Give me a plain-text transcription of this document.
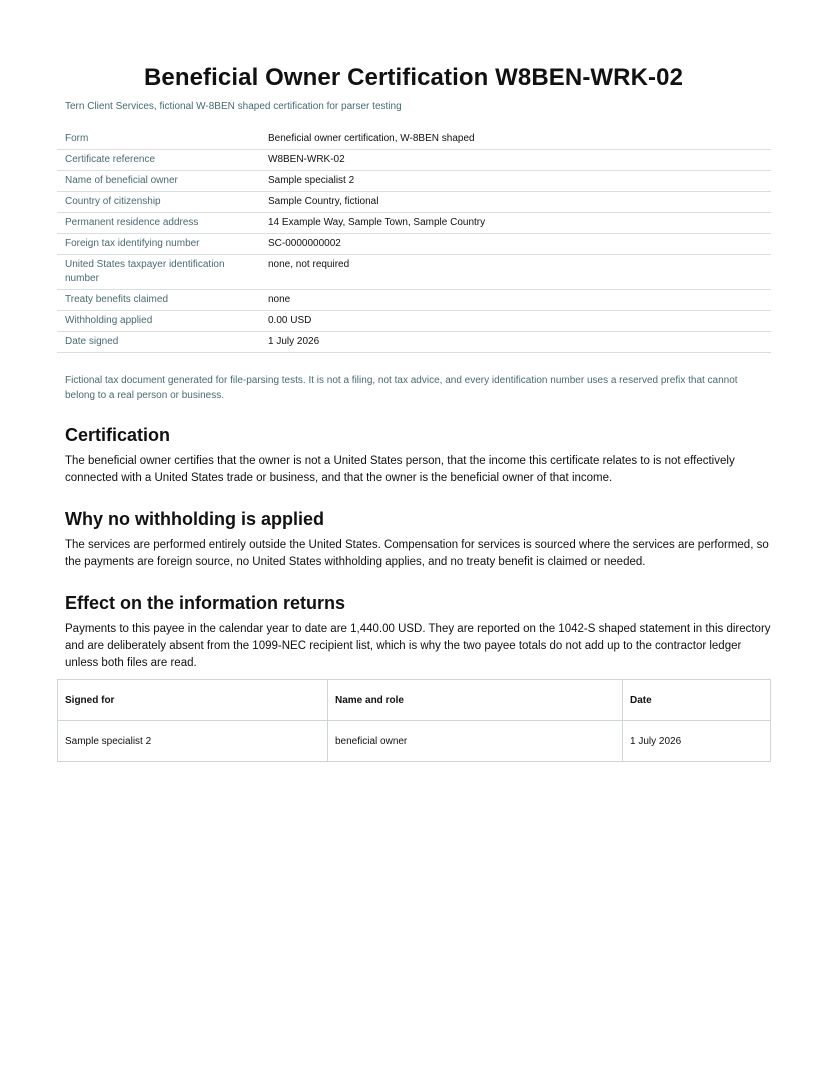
Beneficial Owner Certification W8BEN-WRK-02
Tern Client Services, fictional W-8BEN shaped certification for parser testing
Form	Beneficial owner certification, W-8BEN shaped
Certificate reference	W8BEN-WRK-02
Name of beneficial owner	Sample specialist 2
Country of citizenship	Sample Country, fictional
Permanent residence address	14 Example Way, Sample Town, Sample Country
Foreign tax identifying number	SC-0000000002
United States taxpayer identification number	none, not required
Treaty benefits claimed	none
Withholding applied	0.00 USD
Date signed	1 July 2026
Fictional tax document generated for file-parsing tests. It is not a filing, not tax advice, and every identification number uses a reserved prefix that cannot belong to a real person or business.
Certification
The beneficial owner certifies that the owner is not a United States person, that the income this certificate relates to is not effectively connected with a United States trade or business, and that the owner is the beneficial owner of that income.
Why no withholding is applied
The services are performed entirely outside the United States. Compensation for services is sourced where the services are performed, so the payments are foreign source, no United States withholding applies, and no treaty benefit is claimed or needed.
Effect on the information returns
Payments to this payee in the calendar year to date are 1,440.00 USD. They are reported on the 1042-S shaped statement in this directory and are deliberately absent from the 1099-NEC recipient list, which is why the two payee totals do not add up to the contractor ledger unless both files are read.
Signed for	Name and role	Date
Sample specialist 2	beneficial owner	1 July 2026
